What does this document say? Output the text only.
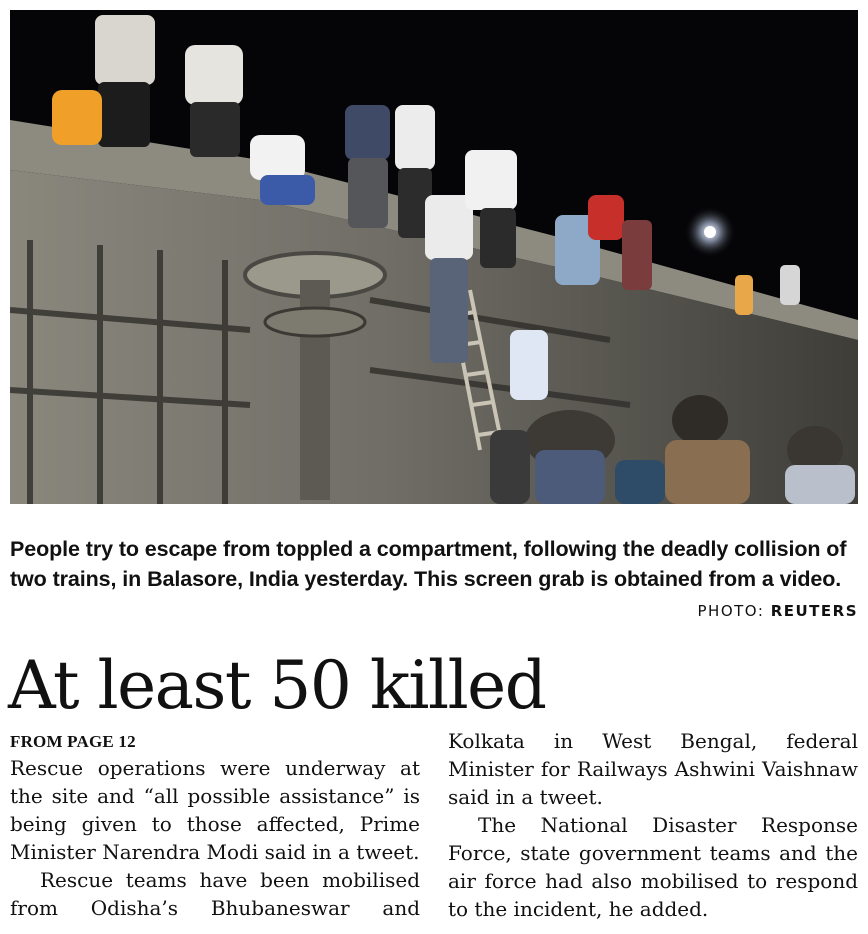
People try to escape from toppled a compartment, following the deadly collision of two trains, in Balasore, India yesterday. This screen grab is obtained from a video.
PHOTO: REUTERS
At least 50 killed
FROM PAGE 12

Rescue operations were underway at the site and “all possible assistance” is being given to those affected, Prime Minister Narendra Modi said in a tweet.

Rescue teams have been mobilised from Odisha’s Bhubaneswar and

Kolkata in West Bengal, federal Minister for Railways Ashwini Vaishnaw said in a tweet.

The National Disaster Response Force, state government teams and the air force had also mobilised to respond to the incident, he added.
